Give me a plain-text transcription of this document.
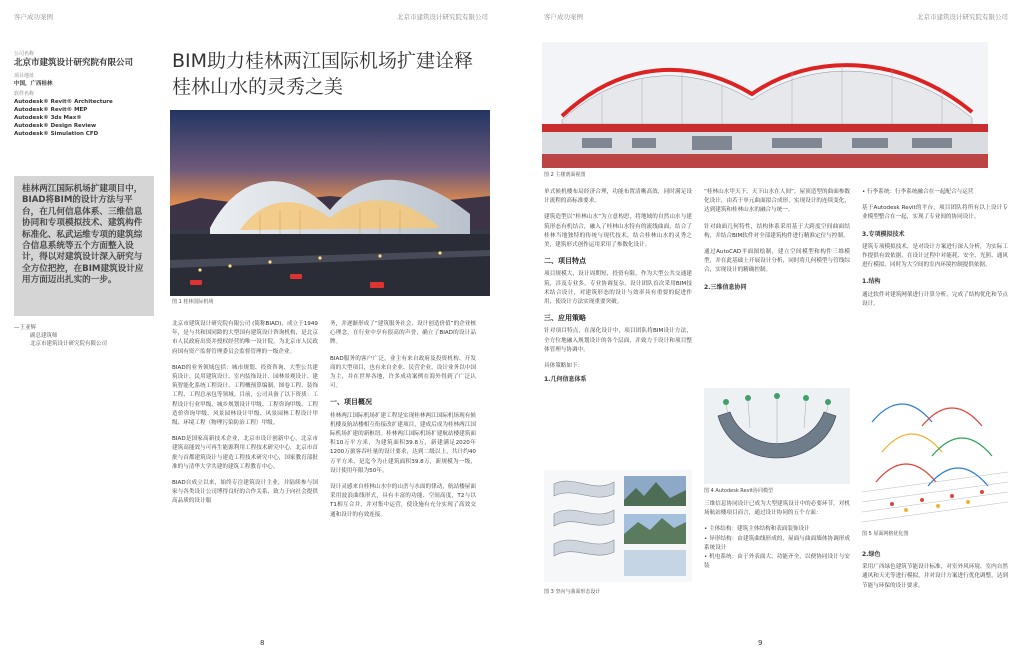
客户成功案例	北京市建筑设计研究院有限公司
公司名称
北京市建筑设计研究院有限公司
项目地址
中国，广西桂林
软件名称
Autodesk® Revit® Architecture
Autodesk® Revit® MEP
Autodesk® 3ds Max®
Autodesk® Design Review
Autodesk® Simulation CFD
BIM助力桂林两江国际机场扩建诠释桂林山水的灵秀之美
图 1 桂林国际机场
桂林两江国际机场扩建项目中，BIAD将BIM的设计方法与平台，在几何信息体系、三维信息协同和专项模拟技术、建筑构件标准化、私武运维专项的建筑综合信息系统等五个方面整入设计，得以对建筑设计深入研究与全方位把控，在BIM建筑设计应用方面迈出扎实的一步。
—王亚辉
副总建筑师
北京市建筑设计研究院有限公司

北京市建筑设计研究院有限公司 (简称BIAD)，成立于1949年，是与共和国同龄的大型国有建筑设计咨询机构，是北京市人民政府出资并授权经营的唯一设计院，为北京市人民政府国有资产监督管理委员会监督管理的一级企业。

BIAD的业务领域包括：城市规划、投资咨询、大型公共建筑设计、民用建筑设计、室内装饰设计、园林景观设计、建筑智能化系统工程设计、工程概预算编制、图卷工程、装饰工程、工程总承包等领域。目前，公司具备了以下资质：工程设计行业甲级、城乡规划设计甲级、工程咨询甲级、工程造价咨询甲级、风景园林设计甲级、风景园林工程设计甲级、环境工程（物理污染防治工程）甲级。

BIAD是国家高新技术企业，北京市设计创新中心，北京市建筑高能效与可再生能源利用工程技术研究中心，北京市首批与首都建筑设计与建造工程技术研究中心，国家教育部批准的与清华大学共建的建筑工程教育中心。

BIAD自成立以来，始终专注建筑设计主业，并陆续参与国家与各类设计公司博得良好的合作关系，致力于向社会提供高品质的设计服

务，并逐渐形成了“建筑服务社会，设计创造价值”的企业核心理念，在行业中享有很高的声誉，确立了BIAD的设计品牌。

BIAD服务的客户广泛，业主有来自政府及投资机构、开发商的大型项目，也有来自企业、民营企业，设计业务以中国为主，并在世界各地，许多成功案例在海外得到了广泛认可。

一、项目概况

桂林两江国际机场扩建工程是实现桂林两江国际机场现有候机楼及航站楼相互衔接改扩建项目，建成后成为桂林两江国际机场扩建的新枢纽。桂林两江国际机场扩建航站楼建筑面积10万平方米，为建筑面积39.8万，新建满足2020年1200万旅客吞吐量的设计要求，达到二级以上，共计约40万平方米，是迄今为止建筑面积39.8万，新规模为一级，设计使用年限为50年。

设计灵感来自桂林山水中的山峦与水面的律动，航站楼屋面采用波浪曲线形式，具有丰富的功能、空间高度，T2与以T1相互合并，并对集中运营，使设施有充分实现了高效交通和设计的有效连接。

8
客户成功案例	北京市建筑设计研究院有限公司
图 2 主楼剖面视图

单式候机楼布局经济合理，功能布置清晰高效，同时满足设计流程的高标准要求。

建筑造型以“桂林山水”为立意构思，将地域的自然山水与建筑形态有机结合，融入了桂林山水特有的流线曲面，结合了桂林当地独特的传统与现代技术，结合桂林山水的灵秀之美，建筑形式创作运用采用了参数化设计。

二、项目特点

项目规模大，设计周期短，投资有限，作为大型公共交通建筑，涉及专业多，专业协调复杂，设计团队首次采用BIM技术结合设计，对建筑形态的设计与效率具有重要的促进作用，使设计方法实现重要突破。

三、应用策略

针对项目特点，在深化设计中，项目团队将BIM设计方法，全方位地融入规划设计的各个层面，并致力于设计和项目整体管理与协调中。

具体策略如下：
1.几何信息体系
图 3 坚向与曲面形态设计

“桂林山水甲天下，天下山水在人间”。屋顶造型的曲面参数化设计，由若干单元曲面拟合成形，实现设计的连续变化，达到建筑和桂林山水的融合与统一。

针对曲面几何特性，结构体系采用基于大跨度空间曲面结构，并结合BIM软件对全部建筑构件进行精准定位与控制。

通过AutoCAD平面图绘制，建立空间模型和构件三维模型，并在此基础上开展设计分析，同时将几何模型与管线综合，实现设计的精确控制。

2.三维信息协同
图 4 Autodesk Revit协同模型

三维信息协同设计已成为大型建筑设计中的必要环节，对机场航站楼项目而言，通过设计协同的五个方面：

• 主体结构：建筑主体结构和表面装饰设计
• 异形结构：由建筑曲线形成的，屋面与曲面墙体协调形成系统设计
• 机电系统：由于外表面大、功能齐全，以便协同设计与安装

• 行李系统：行李系统融合在一起配合与运营

基于Autodesk Revit的平台，项目团队将所有以上设计专业模型整合在一起，实现了专业间的协同设计。

3.专项模拟技术

建筑专项模拟技术，是对设计方案进行深入分析，为实际工作提供有效依据，在设计过程中对能耗、安全、光照、通风进行模拟，同时为大空间的室内环境控制提供依据。

1.结构

通过软件对建筑网架进行计算分析，完成了结构优化和节点设计。

图 5 屋面网格优化图
2.绿色

采用广西绿色建筑节能设计标准，对室外风环境、室内自然通风和天光等进行模拟，并对设计方案进行优化调整，达到节能与环保的设计要求。

9
